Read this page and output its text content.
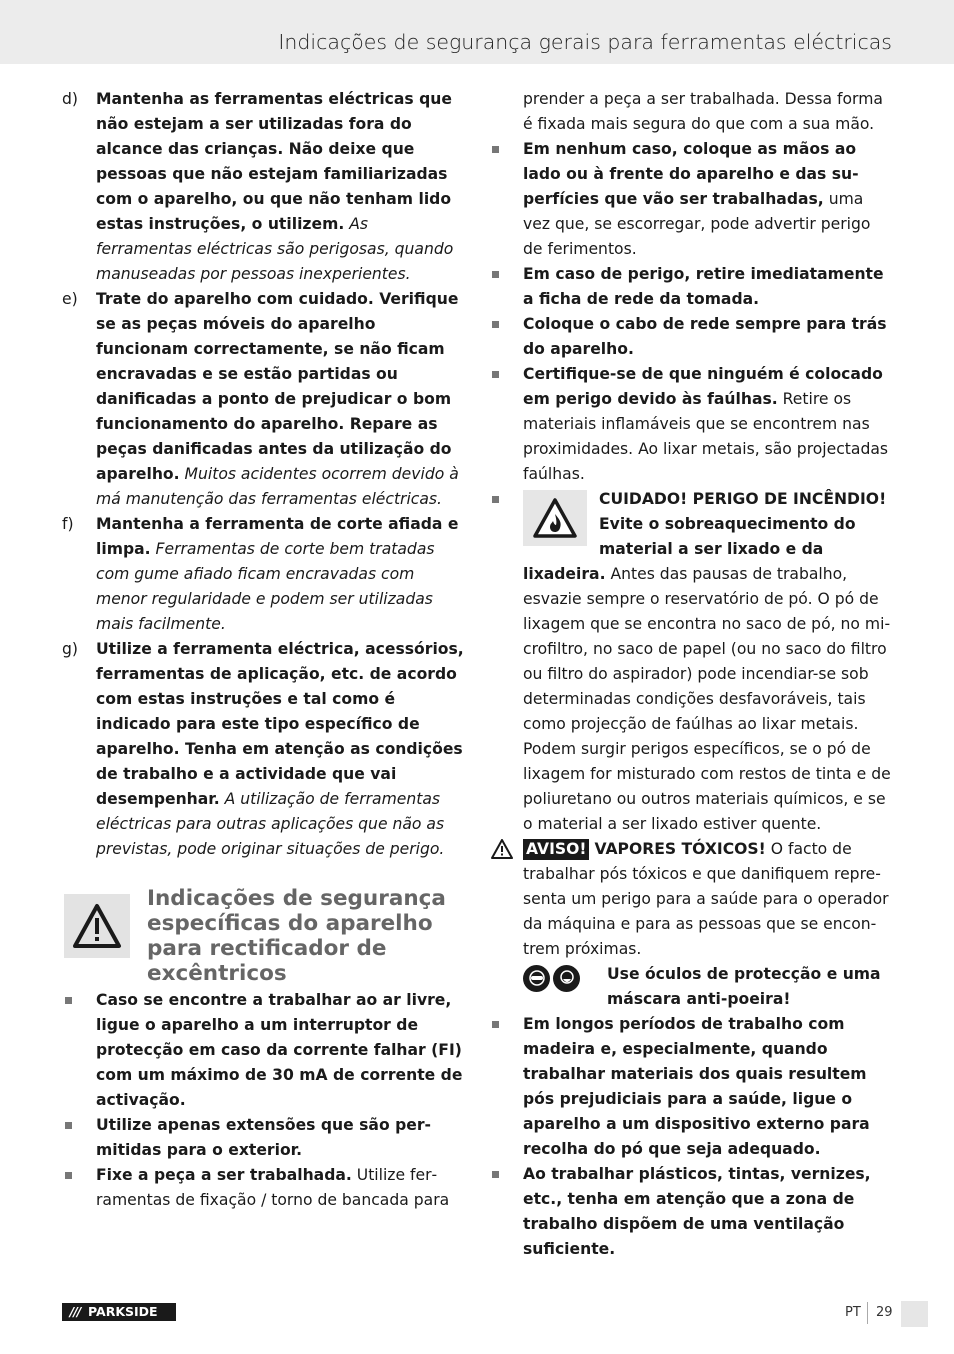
Indicações de segurança gerais para ferramentas eléctricas
d)	Mantenha as ferramentas eléctricas que não estejam a ser utilizadas fora do alcance das crianças. Não deixe que pessoas que não estejam familiarizadas com o aparelho, ou que não tenham lido estas instruções, o utilizem. As ferramentas eléctricas são perigosas, quando manuseadas por pessoas inexperientes.
e)	Trate do aparelho com cuidado. Verifique se as peças móveis do aparelho funcionam correctamente, se não ficam encravadas e se estão partidas ou danificadas a ponto de prejudicar o bom funcionamento do aparelho. Repare as peças danificadas antes da utilização do aparelho. Muitos acidentes ocorrem devido à má manutenção das ferramentas eléctricas.
f)	Mantenha a ferramenta de corte afiada e limpa. Ferramentas de corte bem tratadas com gume afiado ficam encravadas com menor regularidade e podem ser utilizadas mais facilmente.
g)	Utilize a ferramenta eléctrica, acessórios, ferramentas de aplicação, etc. de acordo com estas instruções e tal como é indicado para este tipo específico de aparelho. Tenha em atenção as condições de trabalho e a actividade que vai desempenhar. A utilização de ferramentas eléctricas para outras aplicações que não as previstas, pode originar situações de perigo.
Indicações de segurança específicas do aparelho para rectificador de excêntricos
Caso se encontre a trabalhar ao ar livre, ligue o aparelho a um interruptor de protecção em caso da corrente falhar (FI) com um máximo de 30 mA de corrente de activação.
Utilize apenas extensões que são permitidas para o exterior.
Fixe a peça a ser trabalhada. Utilize ferramentas de fixação / torno de bancada para
prender a peça a ser trabalhada. Dessa forma é fixada mais segura do que com a sua mão.
Em nenhum caso, coloque as mãos ao lado ou à frente do aparelho e das superfícies que vão ser trabalhadas, uma vez que, se escorregar, pode advertir perigo de ferimentos.
Em caso de perigo, retire imediatamente a ficha de rede da tomada.
Coloque o cabo de rede sempre para trás do aparelho.
Certifique-se de que ninguém é colocado em perigo devido às faúlhas. Retire os materiais inflamáveis que se encontrem nas proximidades. Ao lixar metais, são projectadas faúlhas.
CUIDADO! PERIGO DE INCÊNDIO! Evite o sobreaquecimento do material a ser lixado e da lixadeira. Antes das pausas de trabalho, esvazie sempre o reservatório de pó. O pó de lixagem que se encontra no saco de pó, no microfiltro, no saco de papel (ou no saco do filtro ou filtro do aspirador) pode incendiar-se sob determinadas condições desfavoráveis, tais como projecção de faúlhas ao lixar metais. Podem surgir perigos específicos, se o pó de lixagem for misturado com restos de tinta e de poliuretano ou outros materiais químicos, e se o material a ser lixado estiver quente.
AVISO! VAPORES TÓXICOS! O facto de trabalhar pós tóxicos e que danifiquem representa um perigo para a saúde para o operador da máquina e para as pessoas que se encontrem próximas.
Use óculos de protecção e uma máscara anti-poeira!
Em longos períodos de trabalho com madeira e, especialmente, quando trabalhar materiais dos quais resultem pós prejudiciais para a saúde, ligue o aparelho a um dispositivo externo para recolha do pó que seja adequado.
Ao trabalhar plásticos, tintas, vernizes, etc., tenha em atenção que a zona de trabalho dispõem de uma ventilação suficiente.
/// PARKSIDE	PT 29
